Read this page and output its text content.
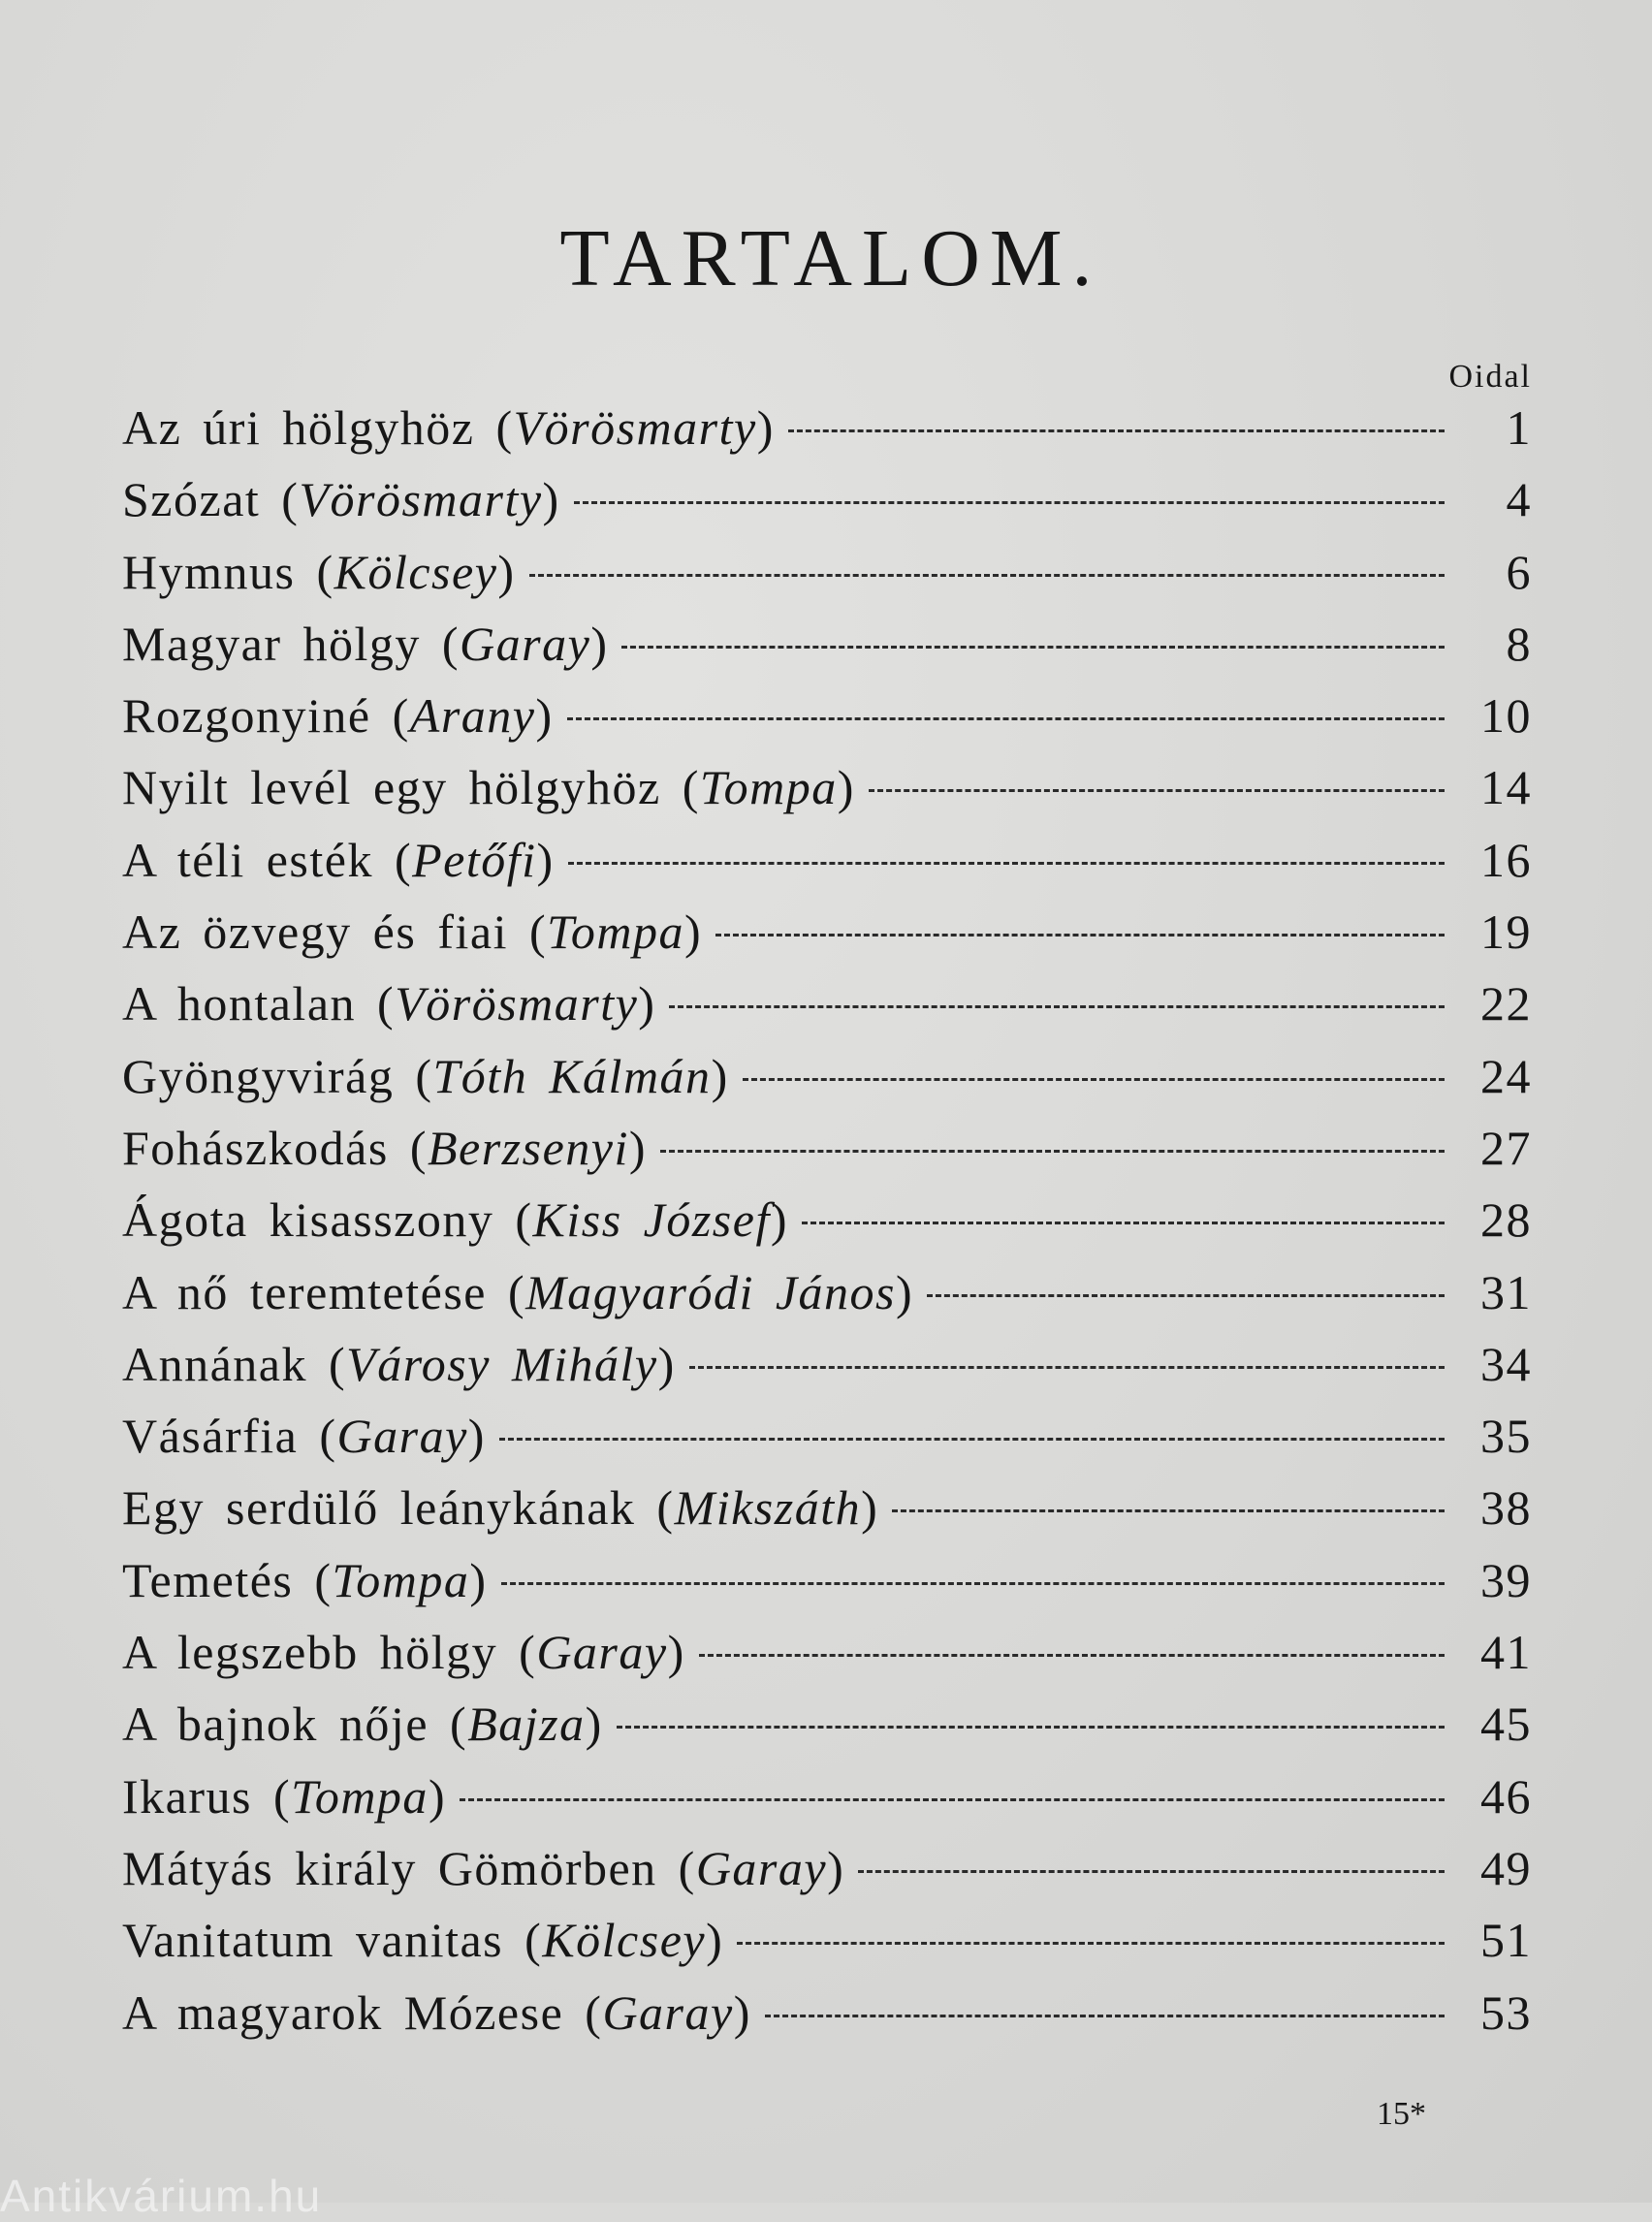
TARTALOM.
Oidal
Az úri hölgyhöz (Vörösmarty)	1
Szózat (Vörösmarty)	4
Hymnus (Kölcsey)	6
Magyar hölgy (Garay)	8
Rozgonyiné (Arany)	10
Nyilt levél egy hölgyhöz (Tompa)	14
A téli esték (Petőfi)	16
Az özvegy és fiai (Tompa)	19
A hontalan (Vörösmarty)	22
Gyöngyvirág (Tóth Kálmán)	24
Fohászkodás (Berzsenyi)	27
Ágota kisasszony (Kiss József)	28
A nő teremtetése (Magyaródi János)	31
Annának (Városy Mihály)	34
Vásárfia (Garay)	35
Egy serdülő leánykának (Mikszáth)	38
Temetés (Tompa)	39
A legszebb hölgy (Garay)	41
A bajnok nője (Bajza)	45
Ikarus (Tompa)	46
Mátyás király Gömörben (Garay)	49
Vanitatum vanitas (Kölcsey)	51
A magyarok Mózese (Garay)	53
15*
Antikvárium.hu
